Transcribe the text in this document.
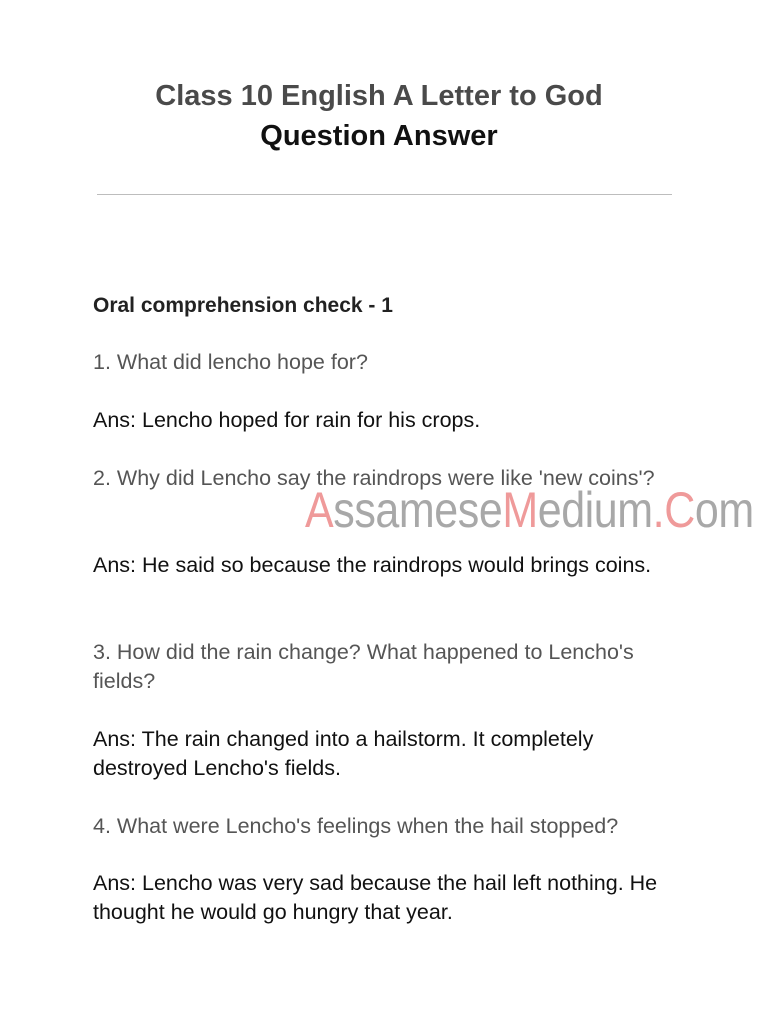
Class 10 English A Letter to God
Question Answer
Oral comprehension check - 1
1. What did lencho hope for?
Ans: Lencho hoped for rain for his crops.
2. Why did Lencho say the raindrops were like 'new coins'?
Ans: He said so because the raindrops would brings coins.
3. How did the rain change? What happened to Lencho's fields?
Ans: The rain changed into a hailstorm. It completely destroyed Lencho's fields.
4. What were Lencho's feelings when the hail stopped?
Ans: Lencho was very sad because the hail left nothing. He thought he would go hungry that year.
AssameseMedium.Com
